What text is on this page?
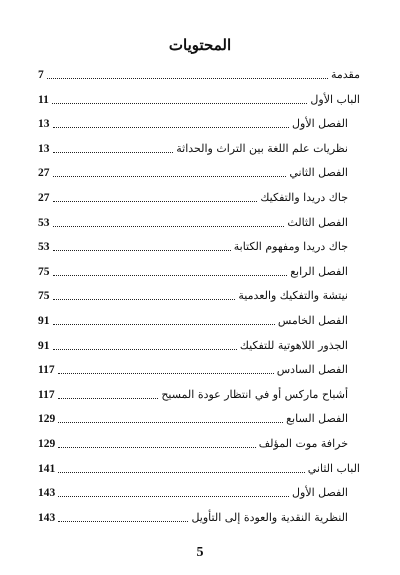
المحتويات
7	مقدمة
11	الباب الأول
13	الفصل الأول
13	نظريات علم اللغة بين التراث والحداثة
27	الفصل الثاني
27	جاك دريدا والتفكيك
53	الفصل الثالث
53	جاك دريدا ومفهوم الكتابة
75	الفصل الرابع
75	نيتشة والتفكيك والعدمية
91	الفصل الخامس
91	الجذور اللاهوتية للتفكيك
117	الفصل السادس
117	أشباح ماركس أو في انتظار عودة المسيح
129	الفصل السابع
129	خرافة موت المؤلف
141	الباب الثاني
143	الفصل الأول
143	النظرية النقدية والعودة إلى التأويل
5
